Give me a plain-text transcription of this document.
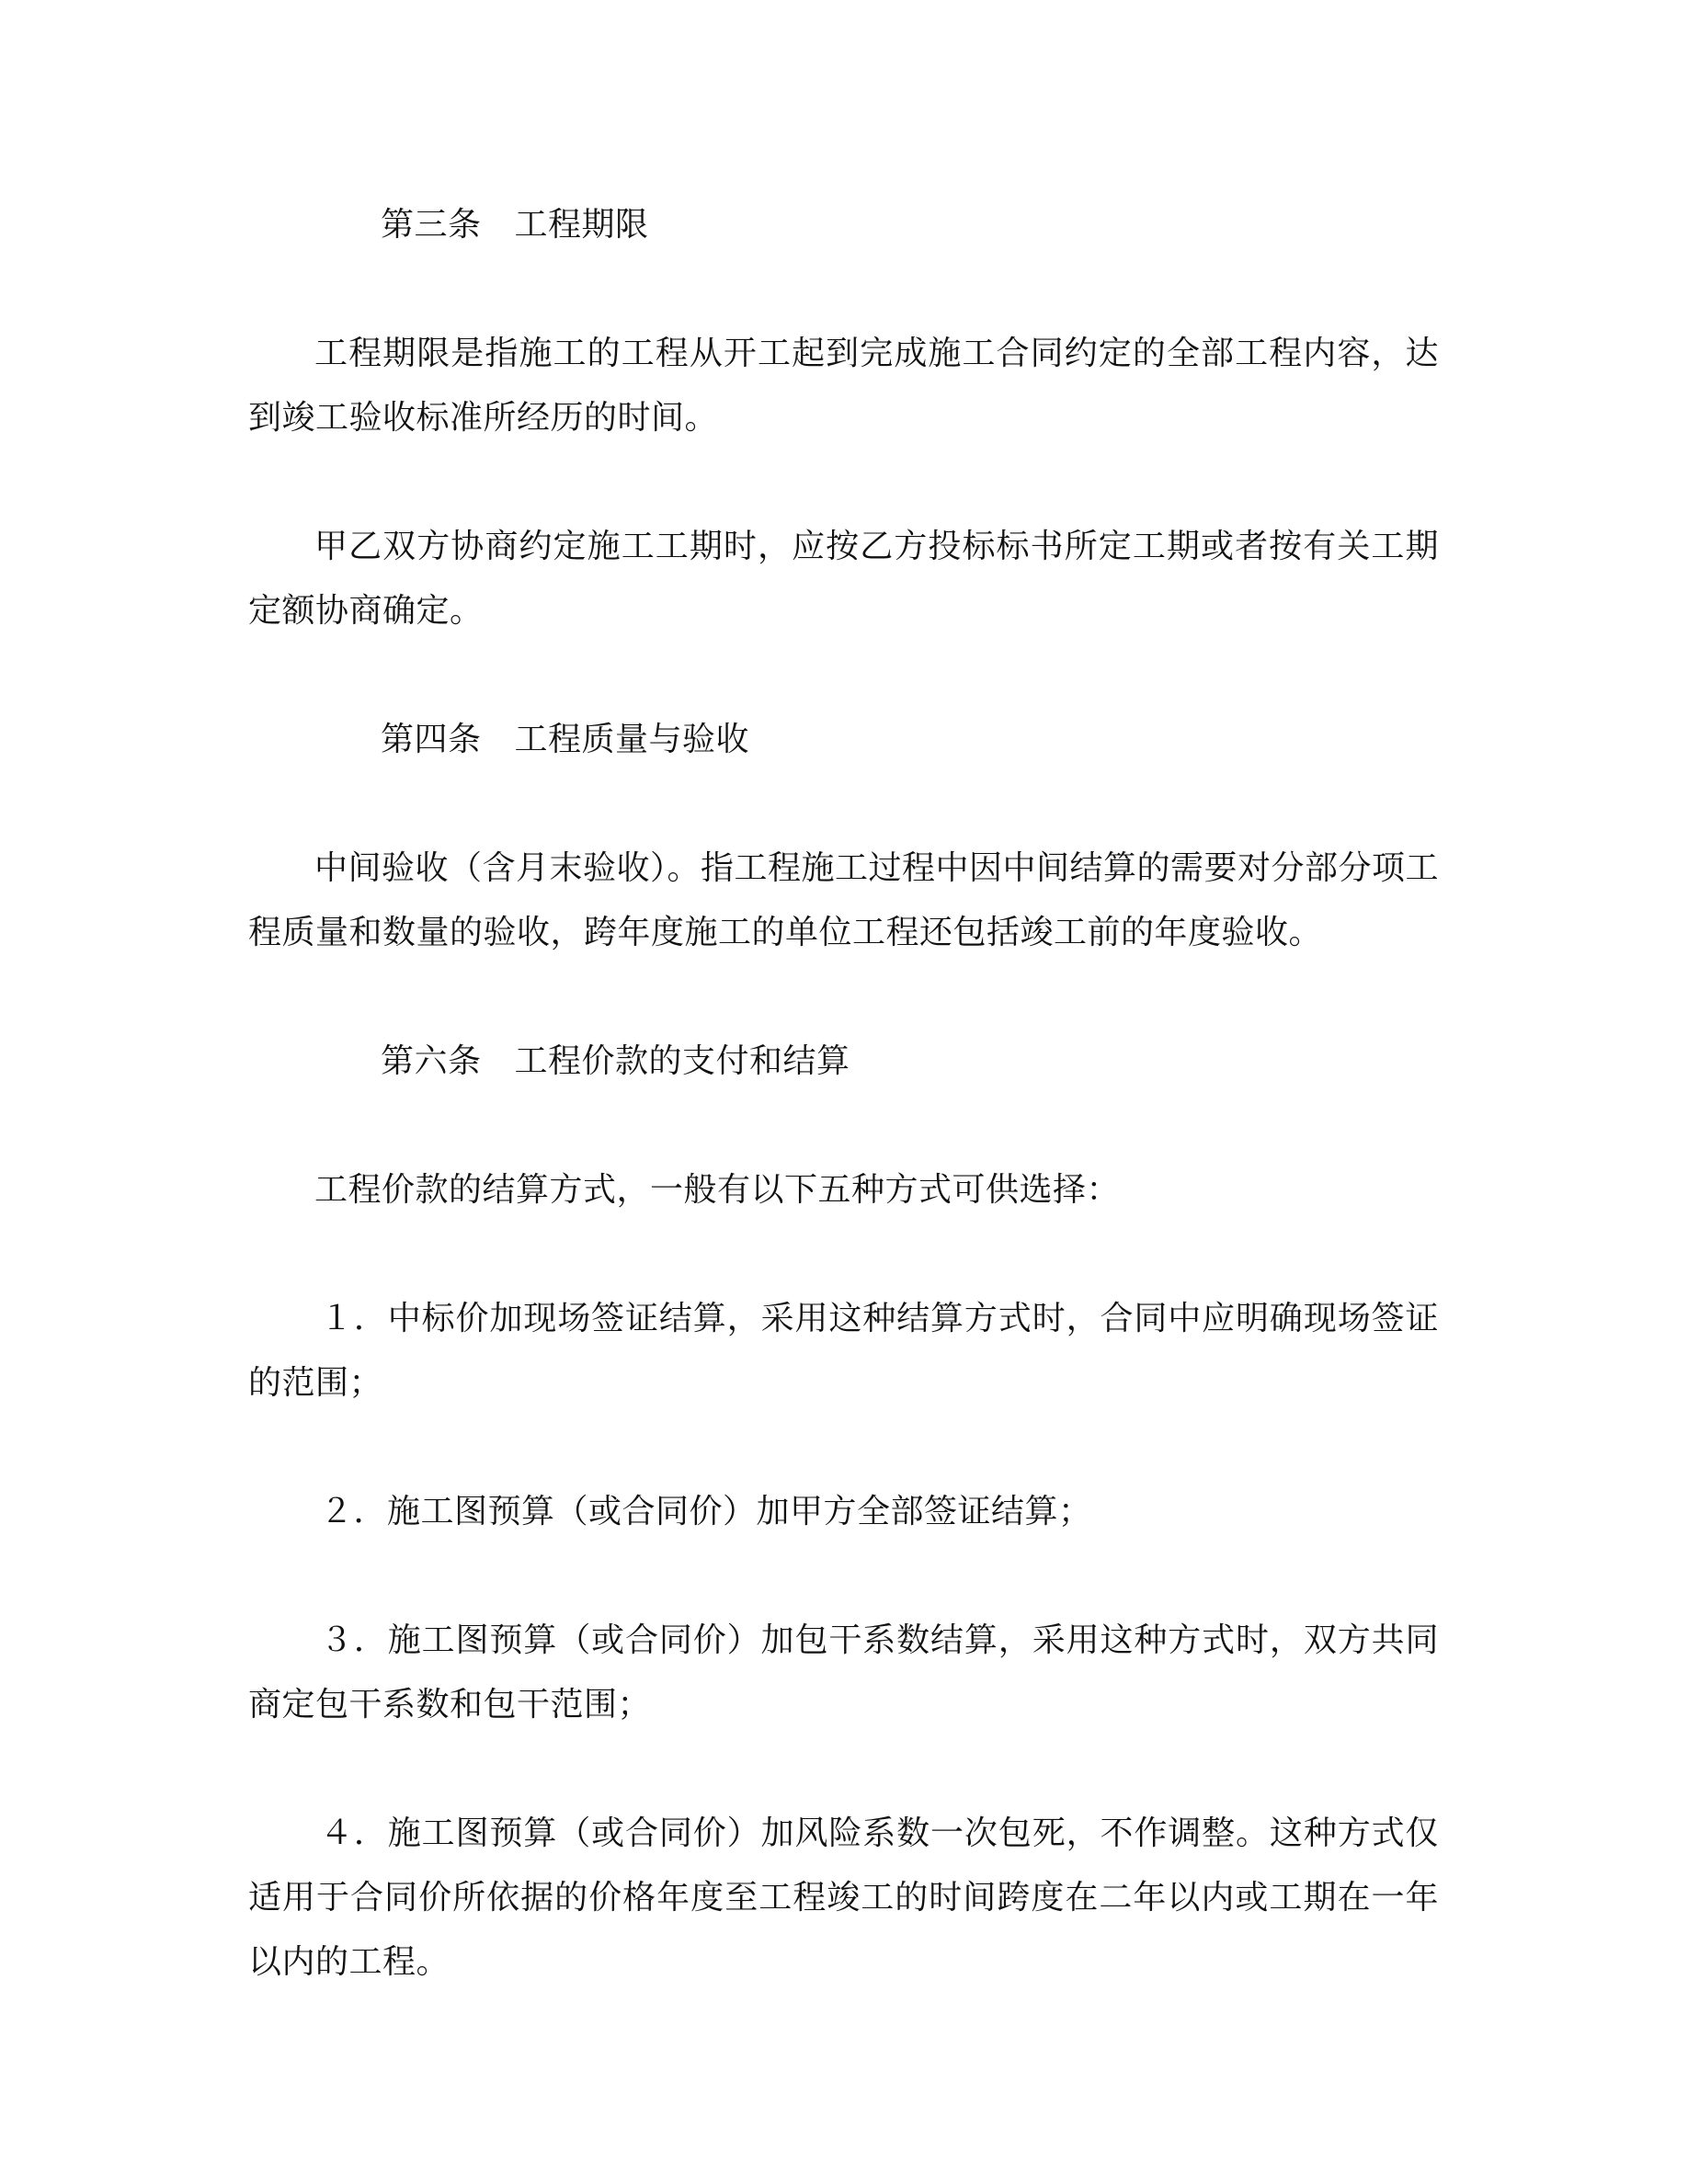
第三条 工程期限

工程期限是指施工的工程从开工起到完成施工合同约定的全部工程内容，达到竣工验收标准所经历的时间。

甲乙双方协商约定施工工期时，应按乙方投标标书所定工期或者按有关工期定额协商确定。

第四条 工程质量与验收

中间验收（含月末验收）。指工程施工过程中因中间结算的需要对分部分项工程质量和数量的验收，跨年度施工的单位工程还包括竣工前的年度验收。

第六条 工程价款的支付和结算

工程价款的结算方式，一般有以下五种方式可供选择：

１．中标价加现场签证结算，采用这种结算方式时，合同中应明确现场签证的范围；

２．施工图预算（或合同价）加甲方全部签证结算；

３．施工图预算（或合同价）加包干系数结算，采用这种方式时，双方共同商定包干系数和包干范围；

４．施工图预算（或合同价）加风险系数一次包死，不作调整。这种方式仅适用于合同价所依据的价格年度至工程竣工的时间跨度在二年以内或工期在一年以内的工程。
